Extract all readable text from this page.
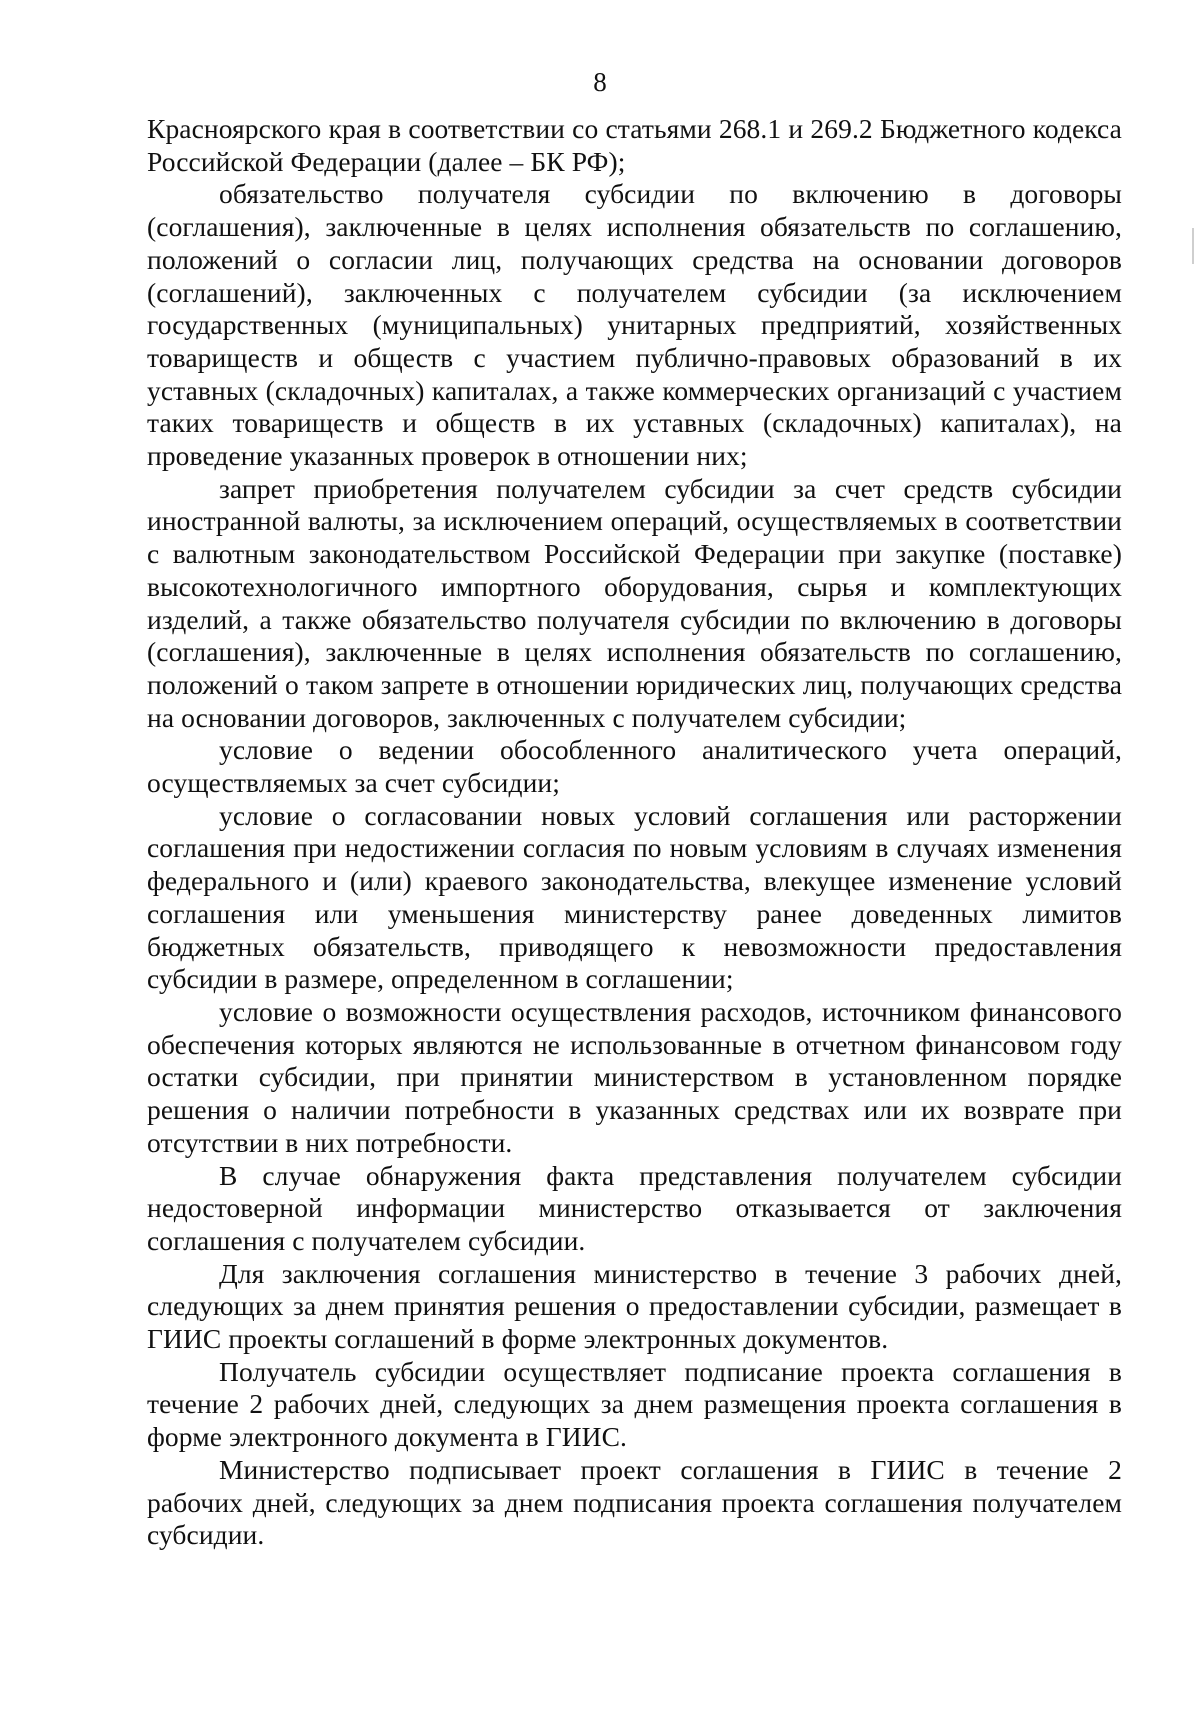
8

Красноярского края в соответствии со статьями 268.1 и 269.2 Бюджетного кодекса Российской Федерации (далее – БК РФ);

обязательство получателя субсидии по включению в договоры (соглашения), заключенные в целях исполнения обязательств по соглашению, положений о согласии лиц, получающих средства на основании договоров (соглашений), заключенных с получателем субсидии (за исключением государственных (муниципальных) унитарных предприятий, хозяйственных товариществ и обществ с участием публично-правовых образований в их уставных (складочных) капиталах, а также коммерческих организаций с участием таких товариществ и обществ в их уставных (складочных) капиталах), на проведение указанных проверок в отношении них;

запрет приобретения получателем субсидии за счет средств субсидии иностранной валюты, за исключением операций, осуществляемых в соответствии с валютным законодательством Российской Федерации при закупке (поставке) высокотехнологичного импортного оборудования, сырья и комплектующих изделий, а также обязательство получателя субсидии по включению в договоры (соглашения), заключенные в целях исполнения обязательств по соглашению, положений о таком запрете в отношении юридических лиц, получающих средства на основании договоров, заключенных с получателем субсидии;

условие о ведении обособленного аналитического учета операций, осуществляемых за счет субсидии;

условие о согласовании новых условий соглашения или расторжении соглашения при недостижении согласия по новым условиям в случаях изменения федерального и (или) краевого законодательства, влекущее изменение условий соглашения или уменьшения министерству ранее доведенных лимитов бюджетных обязательств, приводящего к невозможности предоставления субсидии в размере, определенном в соглашении;

условие о возможности осуществления расходов, источником финансового обеспечения которых являются не использованные в отчетном финансовом году остатки субсидии, при принятии министерством в установленном порядке решения о наличии потребности в указанных средствах или их возврате при отсутствии в них потребности.

В случае обнаружения факта представления получателем субсидии недостоверной информации министерство отказывается от заключения соглашения с получателем субсидии.

Для заключения соглашения министерство в течение 3 рабочих дней, следующих за днем принятия решения о предоставлении субсидии, размещает в ГИИС проекты соглашений в форме электронных документов.

Получатель субсидии осуществляет подписание проекта соглашения в течение 2 рабочих дней, следующих за днем размещения проекта соглашения в форме электронного документа в ГИИС.

Министерство подписывает проект соглашения в ГИИС в течение 2 рабочих дней, следующих за днем подписания проекта соглашения получателем субсидии.
